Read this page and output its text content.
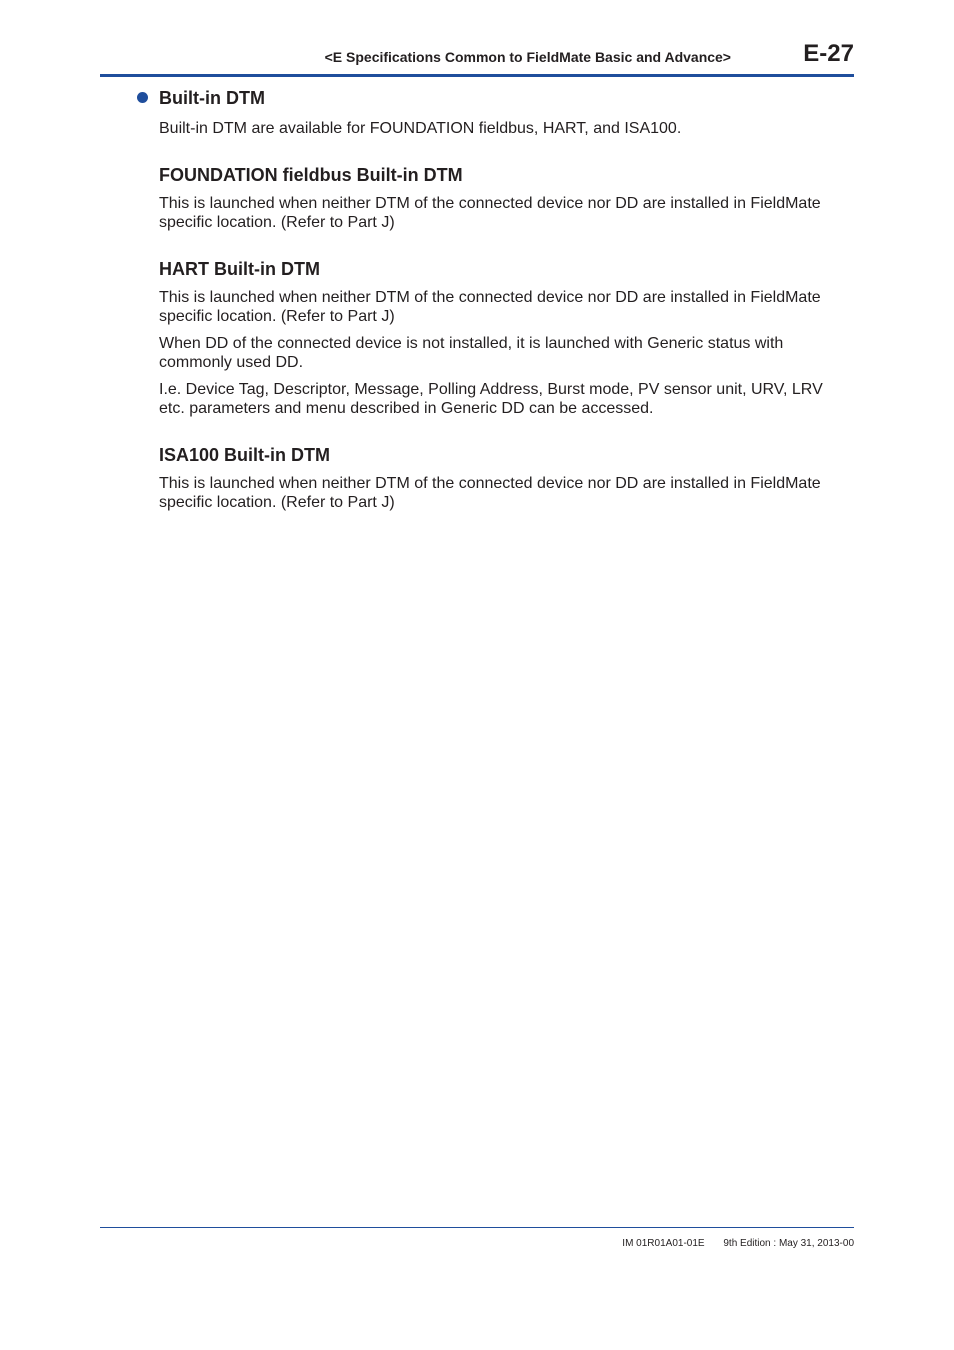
<E Specifications Common to FieldMate Basic and Advance>	E-27
Built-in DTM

Built-in DTM are available for FOUNDATION fieldbus, HART, and ISA100.

FOUNDATION fieldbus Built-in DTM

This is launched when neither DTM of the connected device nor DD are installed in FieldMate specific location. (Refer to Part J)

HART Built-in DTM

This is launched when neither DTM of the connected device nor DD are installed in FieldMate specific location. (Refer to Part J)

When DD of the connected device is not installed, it is launched with Generic status with commonly used DD.

I.e. Device Tag, Descriptor, Message, Polling Address, Burst mode, PV sensor unit, URV, LRV etc. parameters and menu described in Generic DD can be accessed.

ISA100 Built-in DTM

This is launched when neither DTM of the connected device nor DD are installed in FieldMate specific location. (Refer to Part J)

IM 01R01A01-01E 9th Edition : May 31, 2013-00
